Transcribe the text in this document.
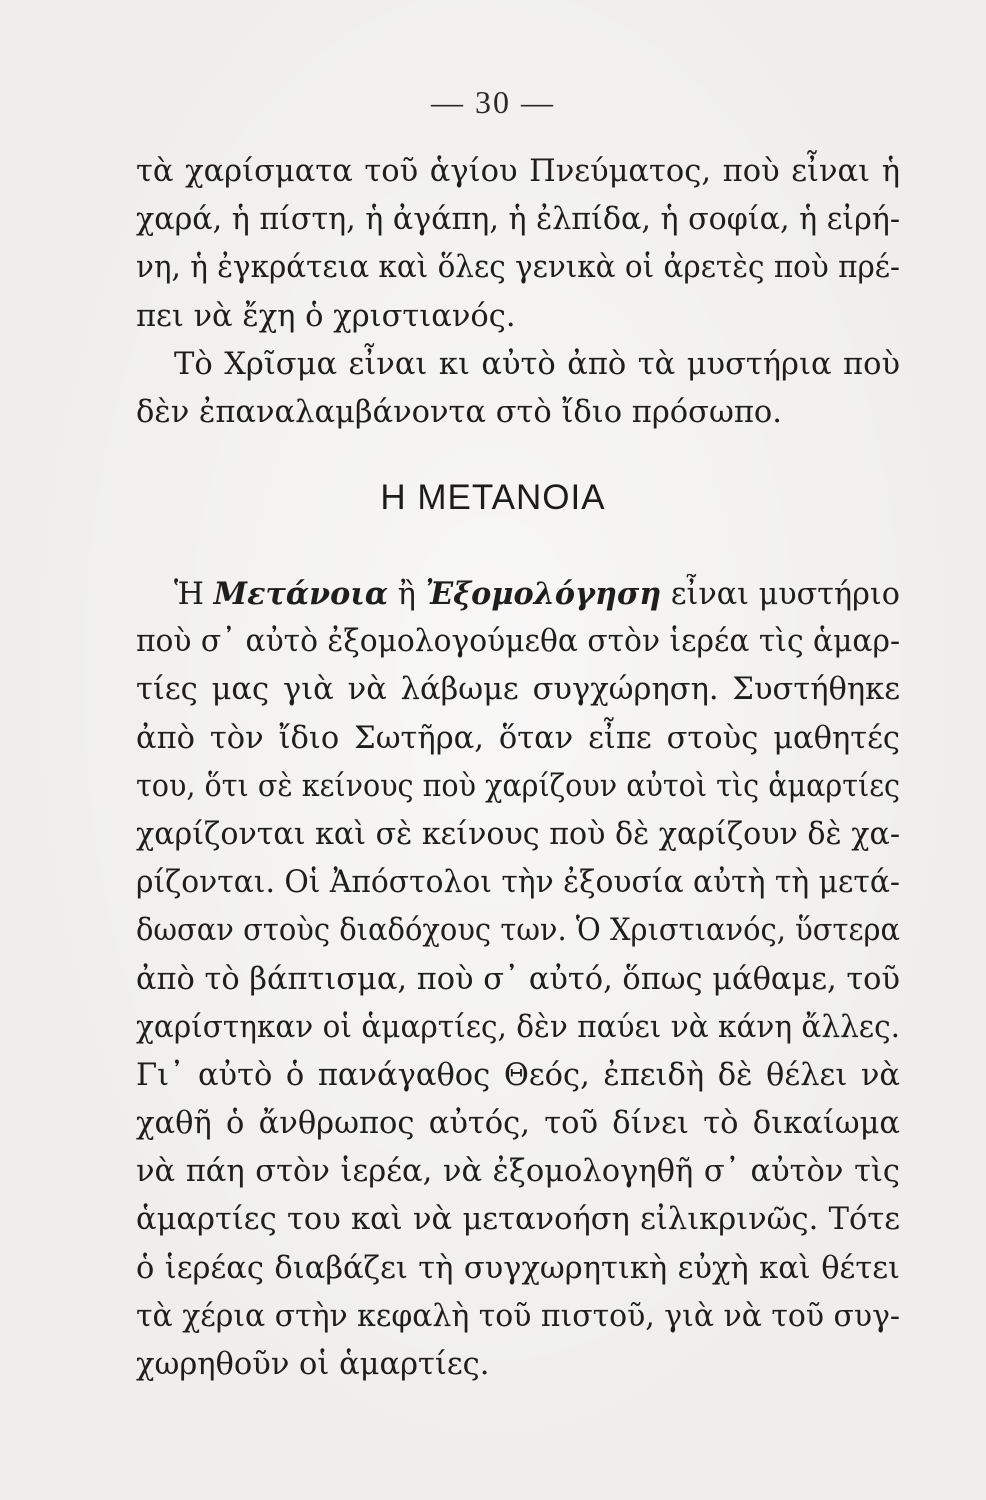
— 30 —
τὰ χαρίσματα τοῦ ἁγίου Πνεύματος, ποὺ εἶναι ἡ
χαρά, ἡ πίστη, ἡ ἀγάπη, ἡ ἐλπίδα, ἡ σοφία, ἡ εἰρή-
νη, ἡ ἐγκράτεια καὶ ὅλες γενικὰ οἱ ἀρετὲς ποὺ πρέ-
πει νὰ ἔχη ὁ χριστιανός.
Τὸ Χρῖσμα εἶναι κι αὐτὸ ἀπὸ τὰ μυστήρια ποὺ
δὲν ἐπαναλαμβάνοντα στὸ ἴδιο πρόσωπο.
Η ΜΕΤΑΝΟΙΑ
Ἡ Μετάνοια ἢ Ἐξομολόγηση εἶναι μυστήριο
ποὺ σ᾽ αὐτὸ ἐξομολογούμεθα στὸν ἱερέα τὶς ἁμαρ-
τίες μας γιὰ νὰ λάβωμε συγχώρηση. Συστήθηκε
ἀπὸ τὸν ἴδιο Σωτῆρα, ὅταν εἶπε στοὺς μαθητές
του, ὅτι σὲ κείνους ποὺ χαρίζουν αὐτοὶ τὶς ἁμαρτίες
χαρίζονται καὶ σὲ κείνους ποὺ δὲ χαρίζουν δὲ χα-
ρίζονται. Οἱ Ἀπόστολοι τὴν ἐξουσία αὐτὴ τὴ μετά-
δωσαν στοὺς διαδόχους των. Ὁ Χριστιανός, ὕστερα
ἀπὸ τὸ βάπτισμα, ποὺ σ᾽ αὐτό, ὅπως μάθαμε, τοῦ
χαρίστηκαν οἱ ἁμαρτίες, δὲν παύει νὰ κάνη ἄλλες.
Γι᾽ αὐτὸ ὁ πανάγαθος Θεός, ἐπειδὴ δὲ θέλει νὰ
χαθῆ ὁ ἄνθρωπος αὐτός, τοῦ δίνει τὸ δικαίωμα
νὰ πάη στὸν ἱερέα, νὰ ἐξομολογηθῆ σ᾽ αὐτὸν τὶς
ἁμαρτίες του καὶ νὰ μετανοήση εἰλικρινῶς. Τότε
ὁ ἱερέας διαβάζει τὴ συγχωρητικὴ εὐχὴ καὶ θέτει
τὰ χέρια στὴν κεφαλὴ τοῦ πιστοῦ, γιὰ νὰ τοῦ συγ-
χωρηθοῦν οἱ ἁμαρτίες.
